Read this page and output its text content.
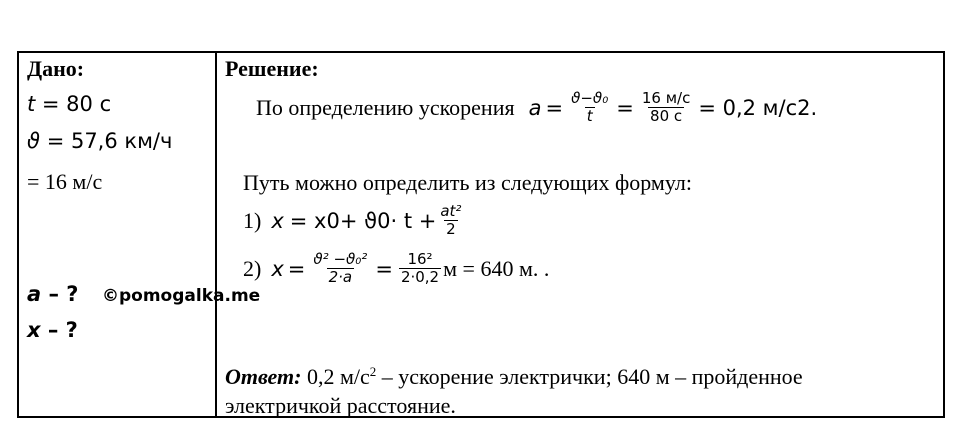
Дано:
t = 80 с
ϑ = 57,6 км/ч
= 16 м/с
a – ? ©pomogalka.me
x – ?
Решение:
По определению ускорения $a = \frac{\text{ϑ−ϑ₀}}{t} = \frac{16 м/с}{80 с} = 0,2$ м/с 2 .
Путь можно определить из следующих формул:
1) x = x 0 + ϑ $0 \cdot t + \frac{\text{at²}}{2}$
2) $x = \frac{\text{ϑ² −ϑ₀²}}{2\cdot a} = \frac{\text{16²}}{2\cdot 0,2}$ м = 640 м. .
Ответ: 0,2 $м/с^2$ – ускорение электрички; 640 м – пройденное
электричкой расстояние.
